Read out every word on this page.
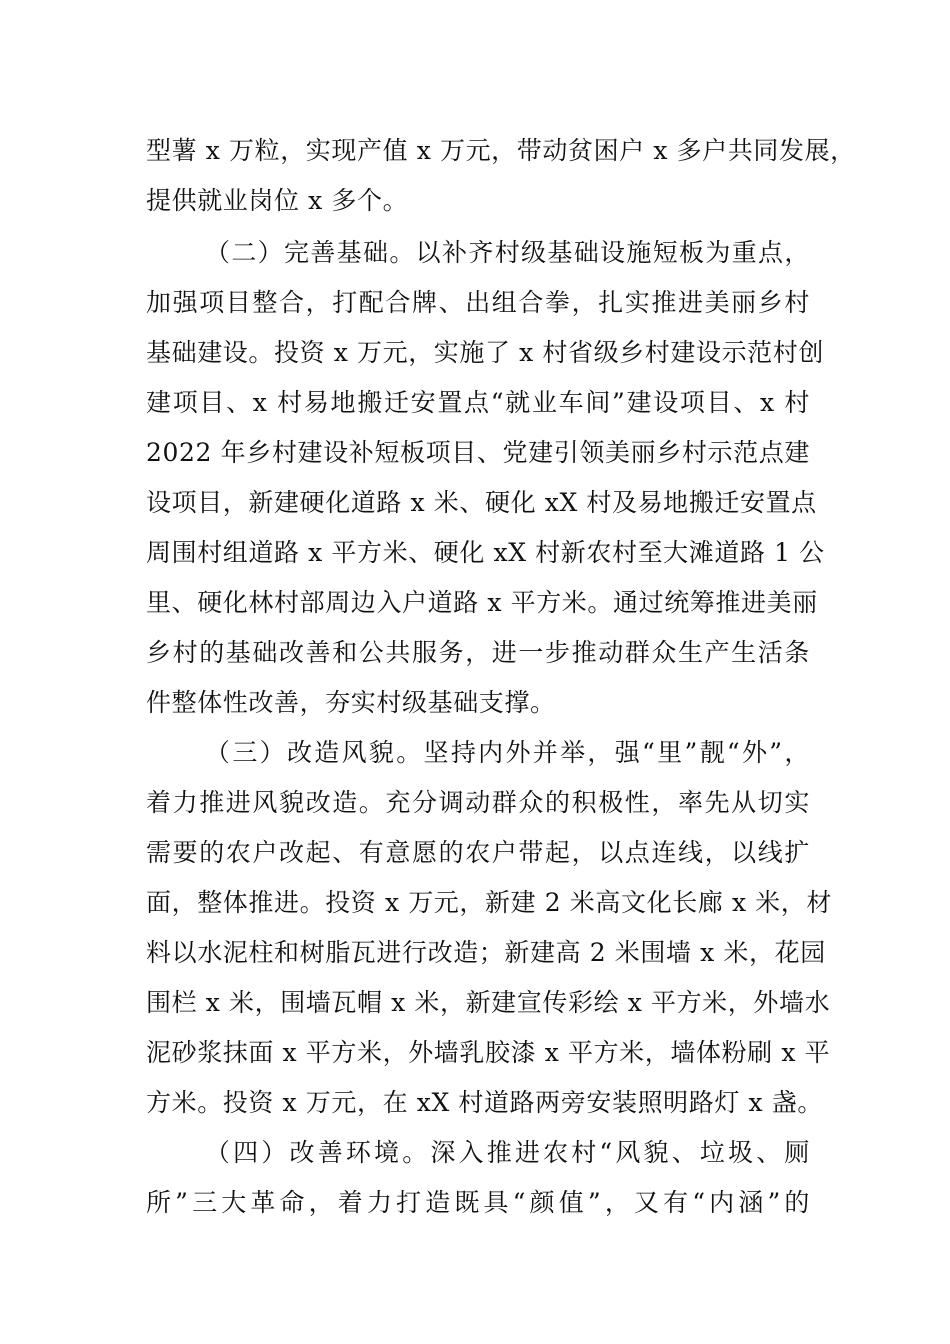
型薯 x 万粒，实现产值 x 万元，带动贫困户 x 多户共同发展，
提供就业岗位 x 多个。
（二）完善基础。以补齐村级基础设施短板为重点，
加强项目整合，打配合牌、出组合拳，扎实推进美丽乡村
基础建设。投资 x 万元，实施了 x 村省级乡村建设示范村创
建项目、x 村易地搬迁安置点“就业车间”建设项目、x 村
2022 年乡村建设补短板项目、党建引领美丽乡村示范点建
设项目，新建硬化道路 x 米、硬化 xX 村及易地搬迁安置点
周围村组道路 x 平方米、硬化 xX 村新农村至大滩道路 1 公
里、硬化林村部周边入户道路 x 平方米。通过统筹推进美丽
乡村的基础改善和公共服务，进一步推动群众生产生活条
件整体性改善，夯实村级基础支撑。
（三）改造风貌。坚持内外并举，强“里”靓“外”，
着力推进风貌改造。充分调动群众的积极性，率先从切实
需要的农户改起、有意愿的农户带起，以点连线，以线扩
面，整体推进。投资 x 万元，新建 2 米高文化长廊 x 米，材
料以水泥柱和树脂瓦进行改造；新建高 2 米围墙 x 米，花园
围栏 x 米，围墙瓦帽 x 米，新建宣传彩绘 x 平方米，外墙水
泥砂浆抹面 x 平方米，外墙乳胶漆 x 平方米，墙体粉刷 x 平
方米。投资 x 万元，在 xX 村道路两旁安装照明路灯 x 盏。
（四）改善环境。深入推进农村“风貌、垃圾、厕
所”三大革命，着力打造既具“颜值”，又有“内涵”的
